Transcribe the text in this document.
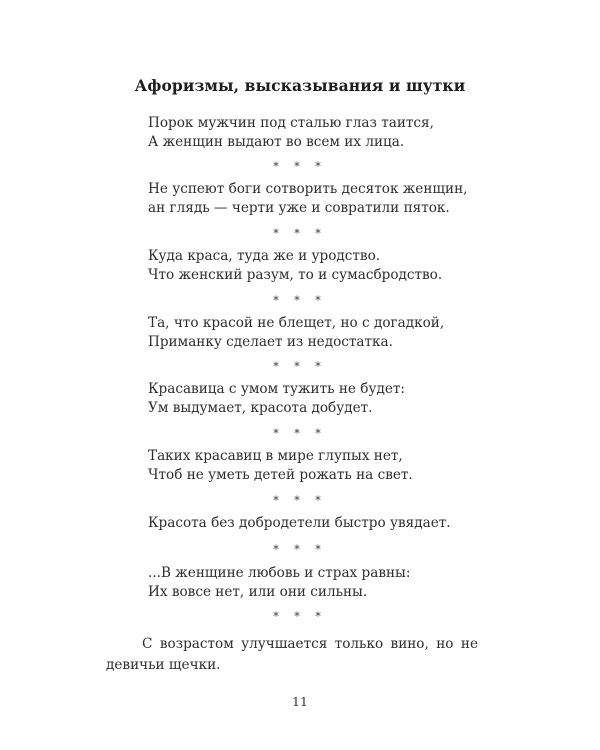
Афоризмы, высказывания и шутки
Порок мужчин под сталью глаз таится,
А женщин выдают во всем их лица.
* * *
Не успеют боги сотворить десяток женщин,
ан глядь — черти уже и совратили пяток.
* * *
Куда краса, туда же и уродство.
Что женский разум, то и сумасбродство.
* * *
Та, что красой не блещет, но с догадкой,
Приманку сделает из недостатка.
* * *
Красавица с умом тужить не будет:
Ум выдумает, красота добудет.
* * *
Таких красавиц в мире глупых нет,
Чтоб не уметь детей рожать на свет.
* * *
Красота без добродетели быстро увядает.
* * *
...В женщине любовь и страх равны:
Их вовсе нет, или они сильны.
* * *
С возрастом улучшается только вино, но не девичьи щечки.
11
